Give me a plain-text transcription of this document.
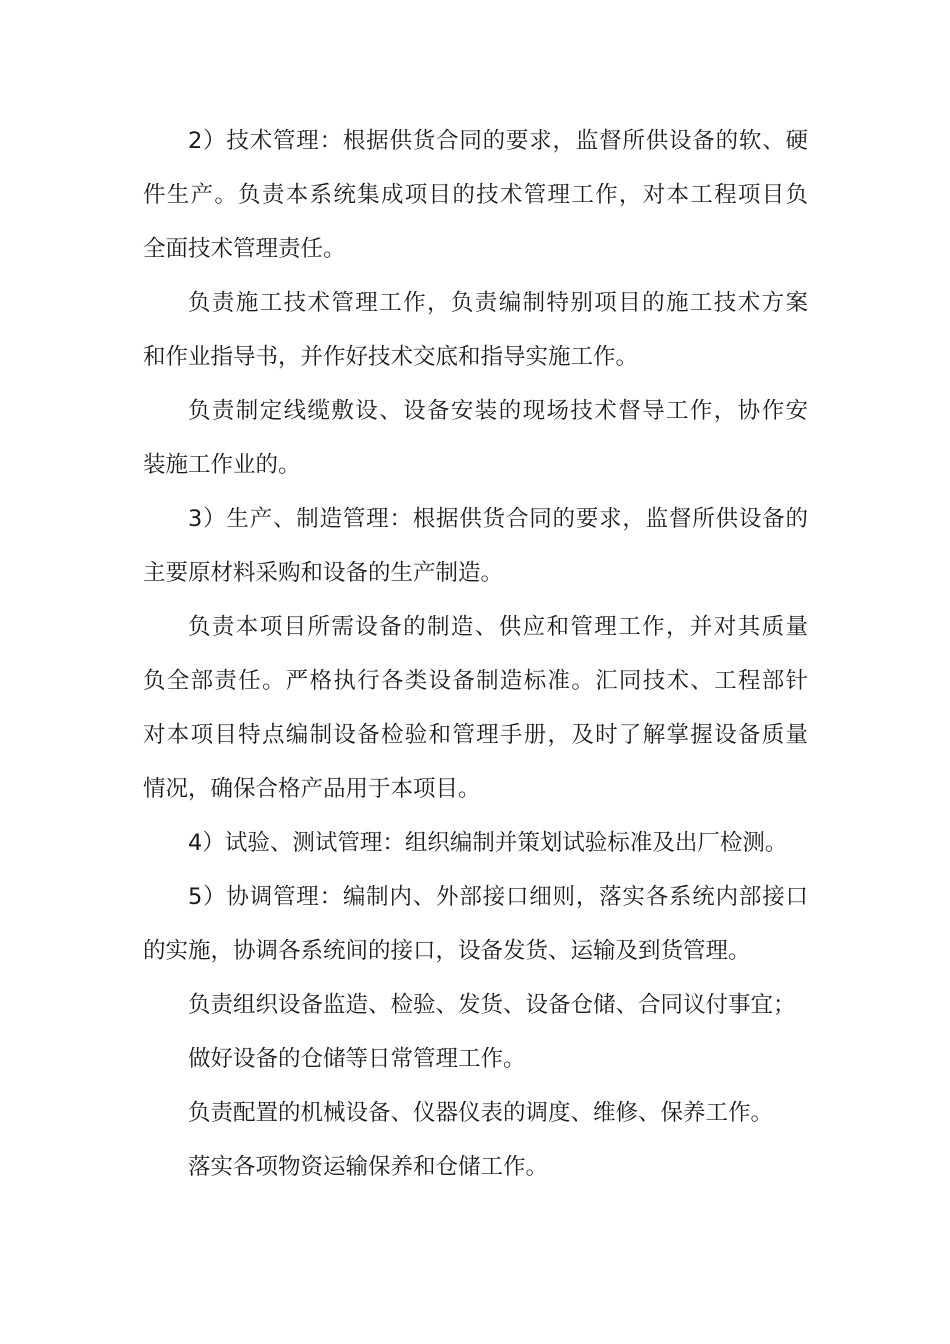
2）技术管理：根据供货合同的要求，监督所供设备的软、硬

件生产。负责本系统集成项目的技术管理工作，对本工程项目负

全面技术管理责任。

负责施工技术管理工作，负责编制特别项目的施工技术方案

和作业指导书，并作好技术交底和指导实施工作。

负责制定线缆敷设、设备安装的现场技术督导工作，协作安

装施工作业的。

3）生产、制造管理：根据供货合同的要求，监督所供设备的

主要原材料采购和设备的生产制造。

负责本项目所需设备的制造、供应和管理工作，并对其质量

负全部责任。严格执行各类设备制造标准。汇同技术、工程部针

对本项目特点编制设备检验和管理手册，及时了解掌握设备质量

情况，确保合格产品用于本项目。

4）试验、测试管理：组织编制并策划试验标准及出厂检测。

5）协调管理：编制内、外部接口细则，落实各系统内部接口

的实施，协调各系统间的接口，设备发货、运输及到货管理。

负责组织设备监造、检验、发货、设备仓储、合同议付事宜；

做好设备的仓储等日常管理工作。

负责配置的机械设备、仪器仪表的调度、维修、保养工作。

落实各项物资运输保养和仓储工作。
